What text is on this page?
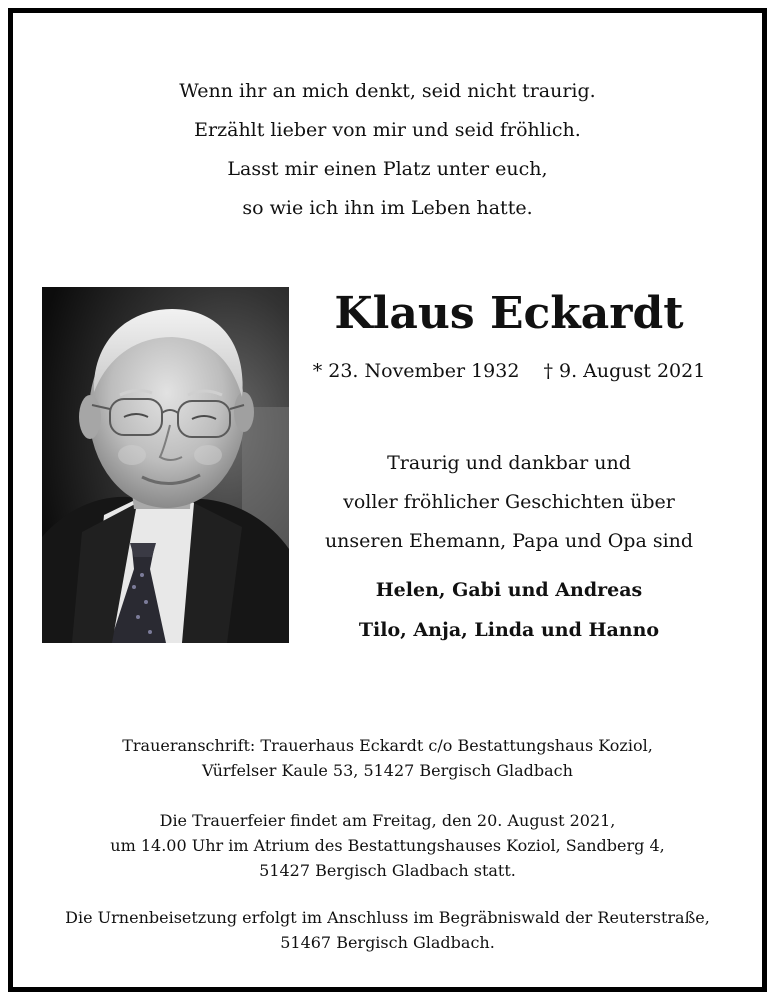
Wenn ihr an mich denkt, seid nicht traurig.
Erzählt lieber von mir und seid fröhlich.
Lasst mir einen Platz unter euch,
so wie ich ihn im Leben hatte.
Klaus Eckardt
* 23. November 1932 † 9. August 2021
Traurig und dankbar und
voller fröhlicher Geschichten über
unseren Ehemann, Papa und Opa sind
Helen, Gabi und Andreas
Tilo, Anja, Linda und Hanno
Traueranschrift: Trauerhaus Eckardt c/o Bestattungshaus Koziol,
Vürfelser Kaule 53, 51427 Bergisch Gladbach
Die Trauerfeier findet am Freitag, den 20. August 2021,
um 14.00 Uhr im Atrium des Bestattungshauses Koziol, Sandberg 4,
51427 Bergisch Gladbach statt.
Die Urnenbeisetzung erfolgt im Anschluss im Begräbniswald der Reuterstraße,
51467 Bergisch Gladbach.
